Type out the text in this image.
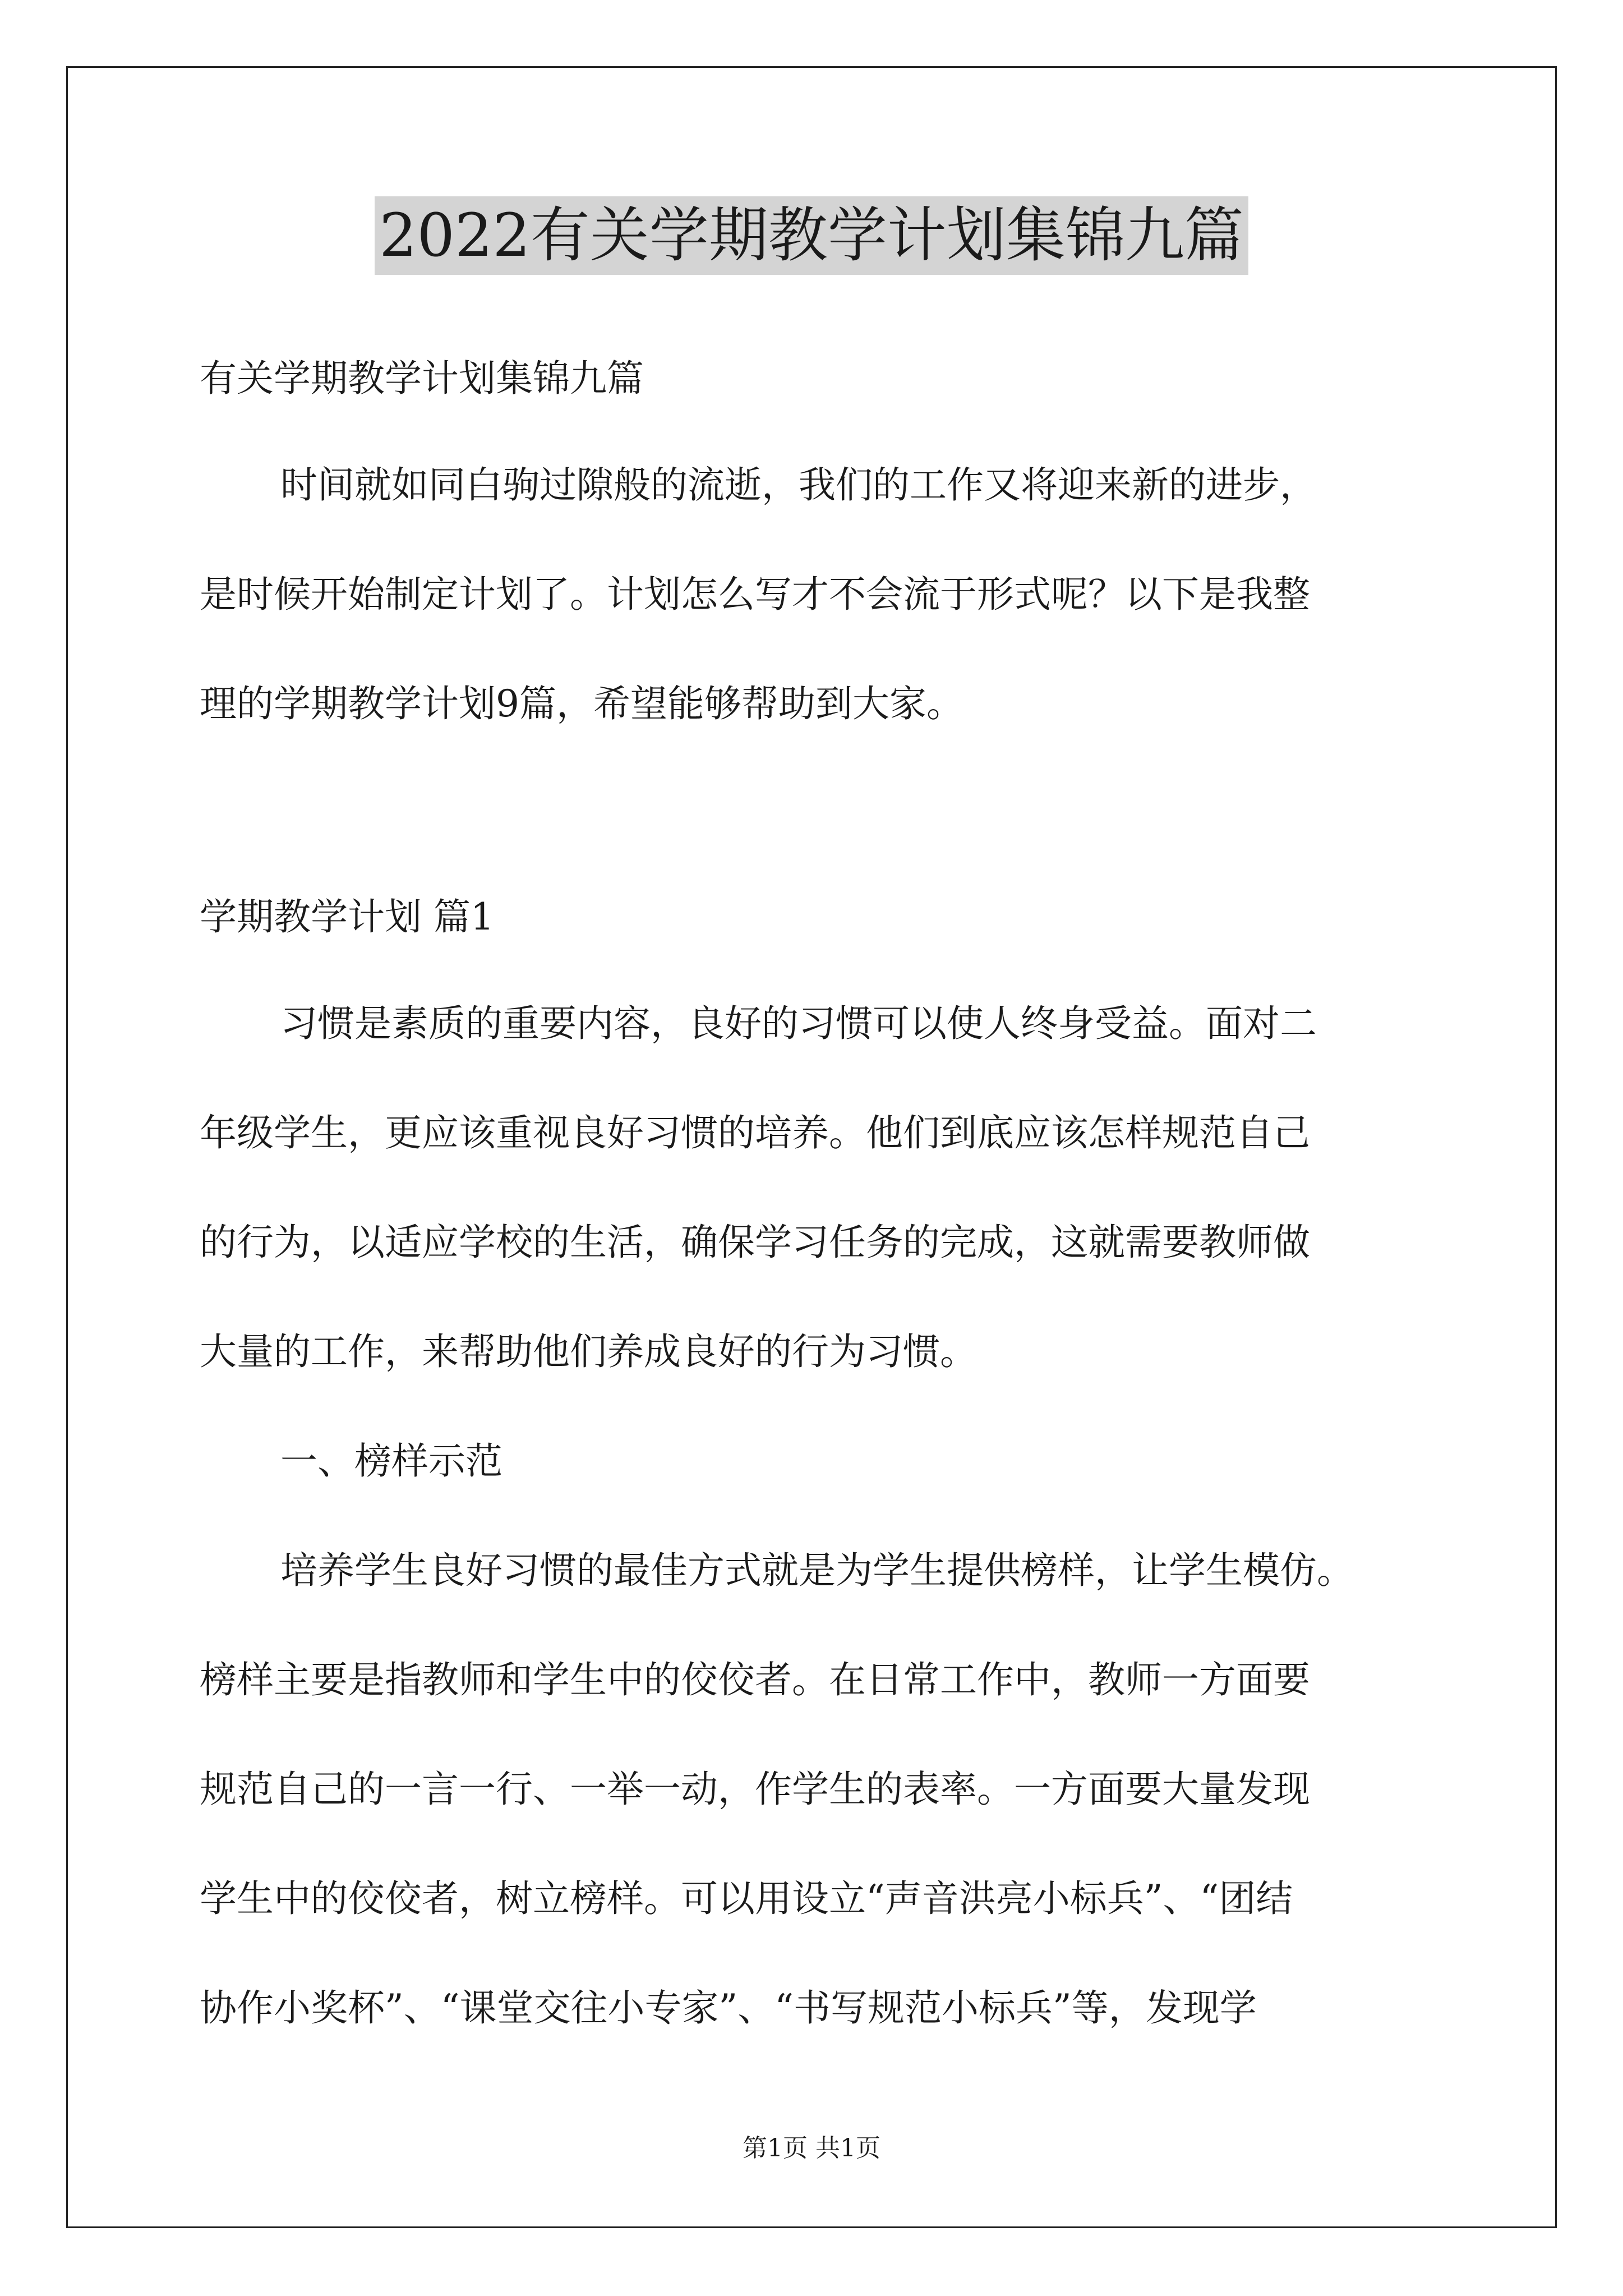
2022有关学期教学计划集锦九篇
有关学期教学计划集锦九篇
时间就如同白驹过隙般的流逝，我们的工作又将迎来新的进步，
是时候开始制定计划了。计划怎么写才不会流于形式呢？以下是我整
理的学期教学计划9篇，希望能够帮助到大家。
学期教学计划 篇1
习惯是素质的重要内容，良好的习惯可以使人终身受益。面对二
年级学生，更应该重视良好习惯的培养。他们到底应该怎样规范自己
的行为，以适应学校的生活，确保学习任务的完成，这就需要教师做
大量的工作，来帮助他们养成良好的行为习惯。
一、榜样示范
培养学生良好习惯的最佳方式就是为学生提供榜样，让学生模仿。
榜样主要是指教师和学生中的佼佼者。在日常工作中，教师一方面要
规范自己的一言一行、一举一动，作学生的表率。一方面要大量发现
学生中的佼佼者，树立榜样。可以用设立“声音洪亮小标兵”、“团结
协作小奖杯”、“课堂交往小专家”、“书写规范小标兵”等，发现学
第1页 共1页
